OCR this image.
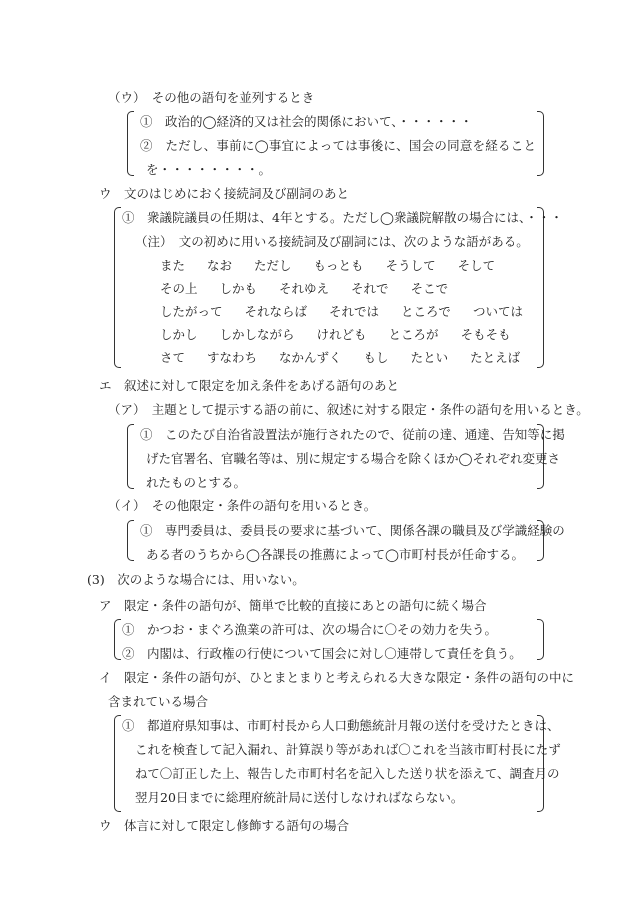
（ウ）　その他の語句を並列するとき
①　政治的◯経済的又は社会的関係において、・・・・・・
②　ただし、事前に◯事宜によっては事後に、国会の同意を経ること
を・・・・・・・・。
ウ　文のはじめにおく接続詞及び副詞のあと
①　衆議院議員の任期は、4年とする。ただし◯衆議院解散の場合には、・・・
（注）　文の初めに用いる接続詞及び副詞には、次のような語がある。
また なお ただし もっとも そうして そして
その上 しかも それゆえ それで そこで
したがって それならば それでは ところで ついては
しかし しかしながら けれども ところが そもそも
さて すなわち なかんずく もし たとい たとえば
エ　叙述に対して限定を加え条件をあげる語句のあと
（ア）　主題として提示する語の前に、叙述に対する限定・条件の語句を用いるとき。
①　このたび自治省設置法が施行されたので、従前の達、通達、告知等に掲
げた官署名、官職名等は、別に規定する場合を除くほか◯それぞれ変更さ
れたものとする。
（イ）　その他限定・条件の語句を用いるとき。
①　専門委員は、委員長の要求に基づいて、関係各課の職員及び学識経験の
ある者のうちから◯各課長の推薦によって◯市町村長が任命する。
(3)　次のような場合には、用いない。
ア　限定・条件の語句が、簡単で比較的直接にあとの語句に続く場合
①　かつお・まぐろ漁業の許可は、次の場合に〇その効力を失う。
②　内閣は、行政権の行使について国会に対し〇連帯して責任を負う。
イ　限定・条件の語句が、ひとまとまりと考えられる大きな限定・条件の語句の中に
含まれている場合
①　都道府県知事は、市町村長から人口動態統計月報の送付を受けたときは、
これを検査して記入漏れ、計算誤り等があれば〇これを当該市町村長にたず
ねて〇訂正した上、報告した市町村名を記入した送り状を添えて、調査月の
翌月20日までに総理府統計局に送付しなければならない。
ウ　体言に対して限定し修飾する語句の場合
